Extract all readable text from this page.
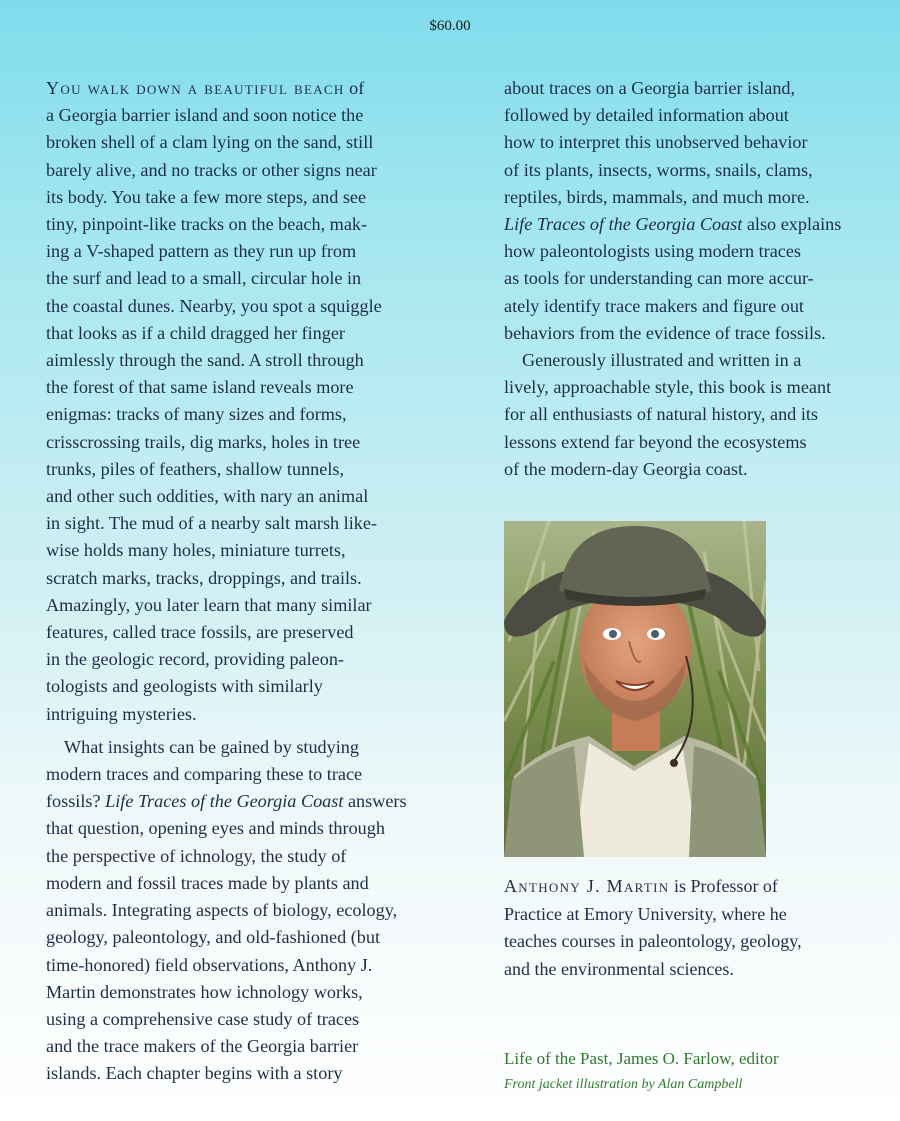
$60.00

You walk down a beautiful beach of
a Georgia barrier island and soon notice the
broken shell of a clam lying on the sand, still
barely alive, and no tracks or other signs near
its body. You take a few more steps, and see
tiny, pinpoint-like tracks on the beach, mak-
ing a V-shaped pattern as they run up from
the surf and lead to a small, circular hole in
the coastal dunes. Nearby, you spot a squiggle
that looks as if a child dragged her finger
aimlessly through the sand. A stroll through
the forest of that same island reveals more
enigmas: tracks of many sizes and forms,
crisscrossing trails, dig marks, holes in tree
trunks, piles of feathers, shallow tunnels,
and other such oddities, with nary an animal
in sight. The mud of a nearby salt marsh like-
wise holds many holes, miniature turrets,
scratch marks, tracks, droppings, and trails.
Amazingly, you later learn that many similar
features, called trace fossils, are preserved
in the geologic record, providing paleon-
tologists and geologists with similarly
intriguing mysteries.

What insights can be gained by studying
modern traces and comparing these to trace
fossils? Life Traces of the Georgia Coast answers
that question, opening eyes and minds through
the perspective of ichnology, the study of
modern and fossil traces made by plants and
animals. Integrating aspects of biology, ecology,
geology, paleontology, and old-fashioned (but
time-honored) field observations, Anthony J.
Martin demonstrates how ichnology works,
using a comprehensive case study of traces
and the trace makers of the Georgia barrier
islands. Each chapter begins with a story

about traces on a Georgia barrier island,
followed by detailed information about
how to interpret this unobserved behavior
of its plants, insects, worms, snails, clams,
reptiles, birds, mammals, and much more.
Life Traces of the Georgia Coast also explains
how paleontologists using modern traces
as tools for understanding can more accur-
ately identify trace makers and figure out
behaviors from the evidence of trace fossils.

Generously illustrated and written in a
lively, approachable style, this book is meant
for all enthusiasts of natural history, and its
lessons extend far beyond the ecosystems
of the modern-day Georgia coast.

Anthony J. Martin is Professor of
Practice at Emory University, where he
teaches courses in paleontology, geology,
and the environmental sciences.
Life of the Past, James O. Farlow, editor
Front jacket illustration by Alan Campbell
